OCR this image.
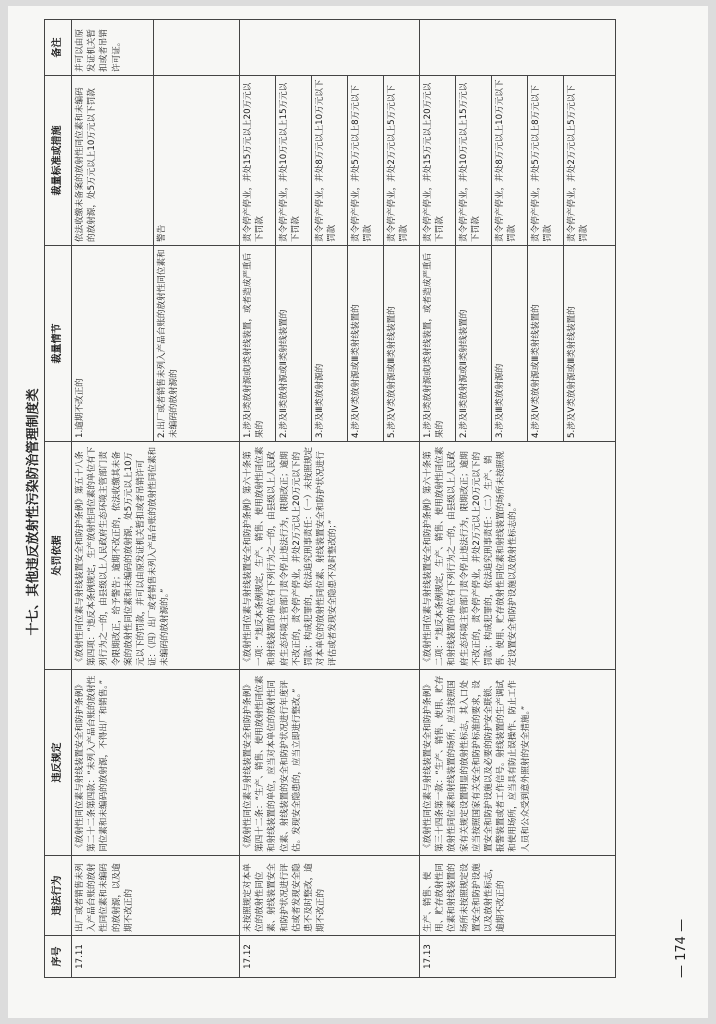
十七、其他违反放射性污染防治管理制度类
序号	违法行为	违反规定	处罚依据	裁量情节	裁量标准或措施	备注
17.11	出厂或者销售未列入产品台账的放射性同位素和未编码的放射源，以及逾期不改正的	《放射性同位素与射线装置安全和防护条例》第二十二条第四款：“未列入产品台账的放射性同位素和未编码的放射源，不得出厂和销售。”	《放射性同位素与射线装置安全和防护条例》第五十八条第四项：“违反本条例规定，生产放射性同位素的单位有下列行为之一的，由县级以上人民政府生态环境主管部门责令限期改正，给予警告；逾期不改正的，依法收缴其未备案的放射性同位素和未编码的放射源，处5万元以上10万元以下的罚款，并可以由原发证机关暂扣或者吊销许可证：（四）出厂或者销售未列入产品台账的放射性同位素和未编码的放射源的。”	1.逾期不改正的	依法收缴未备案的放射性同位素和未编码的放射源，处5万元以上10万元以下罚款	并可以由原发证机关暂扣或者吊销许可证。
				2.出厂或者销售未列入产品台账的放射性同位素和未编码的放射源的	警告	
17.12	未按照规定对本单位的放射性同位素、射线装置安全和防护状况进行评估或者发现安全隐患不及时整改，逾期不改正的	《放射性同位素与射线装置安全和防护条例》第四十二条：“生产、销售、使用放射性同位素和射线装置的单位，应当对本单位的放射性同位素、射线装置的安全和防护状况进行年度评估。发现安全隐患的，应当立即进行整改。”	《放射性同位素与射线装置安全和防护条例》第六十条第一项：“违反本条例规定，生产、销售、使用放射性同位素和射线装置的单位有下列行为之一的，由县级以上人民政府生态环境主管部门责令停止违法行为，限期改正；逾期不改正的，责令停产停业，并处2万元以上20万元以下的罚款；构成犯罪的，依法追究刑事责任：（一）未按照规定对本单位的放射性同位素、射线装置安全和防护状况进行评估或者发现安全隐患不及时整改的；”	1.涉及Ⅰ类放射源或Ⅰ类射线装置，或者造成严重后果的	责令停产停业，并处15万元以上20万元以下罚款	
				2.涉及Ⅱ类放射源或Ⅱ类射线装置的	责令停产停业，并处10万元以上15万元以下罚款	
				3.涉及Ⅲ类放射源的	责令停产停业，并处8万元以上10万元以下罚款	
				4.涉及Ⅳ类放射源或Ⅲ类射线装置的	责令停产停业，并处5万元以上8万元以下罚款	
				5.涉及Ⅴ类放射源或Ⅲ类射线装置的	责令停产停业，并处2万元以上5万元以下罚款	
17.13	生产、销售、使用、贮存放射性同位素和射线装置的场所未按照规定设置安全和防护设施以及放射性标志，逾期不改正的	《放射性同位素与射线装置安全和防护条例》第三十四条第一款：“生产、销售、使用、贮存放射性同位素和射线装置的场所，应当按照国家有关规定设置明显的放射性标志，其入口处应当按照国家有关安全和防护标准的要求，设置安全和防护设施以及必要的防护安全联锁、报警装置或者工作信号。射线装置的生产调试和使用场所，应当具有防止误操作、防止工作人员和公众受到意外照射的安全措施。”	《放射性同位素与射线装置安全和防护条例》第六十条第二项：“违反本条例规定，生产、销售、使用放射性同位素和射线装置的单位有下列行为之一的，由县级以上人民政府生态环境主管部门责令停止违法行为，限期改正；逾期不改正的，责令停产停业，并处2万元以上20万元以下的罚款；构成犯罪的，依法追究刑事责任：（二）生产、销售、使用、贮存放射性同位素和射线装置的场所未按照规定设置安全和防护设施以及放射性标志的。”	1.涉及Ⅰ类放射源或Ⅰ类射线装置，或者造成严重后果的	责令停产停业，并处15万元以上20万元以下罚款	
				2.涉及Ⅱ类放射源或Ⅱ类射线装置的	责令停产停业，并处10万元以上15万元以下罚款	
				3.涉及Ⅲ类放射源的	责令停产停业，并处8万元以上10万元以下罚款	
				4.涉及Ⅳ类放射源或Ⅲ类射线装置的	责令停产停业，并处5万元以上8万元以下罚款	
				5.涉及Ⅴ类放射源或Ⅲ类射线装置的	责令停产停业，并处2万元以上5万元以下罚款	
— 174 —
